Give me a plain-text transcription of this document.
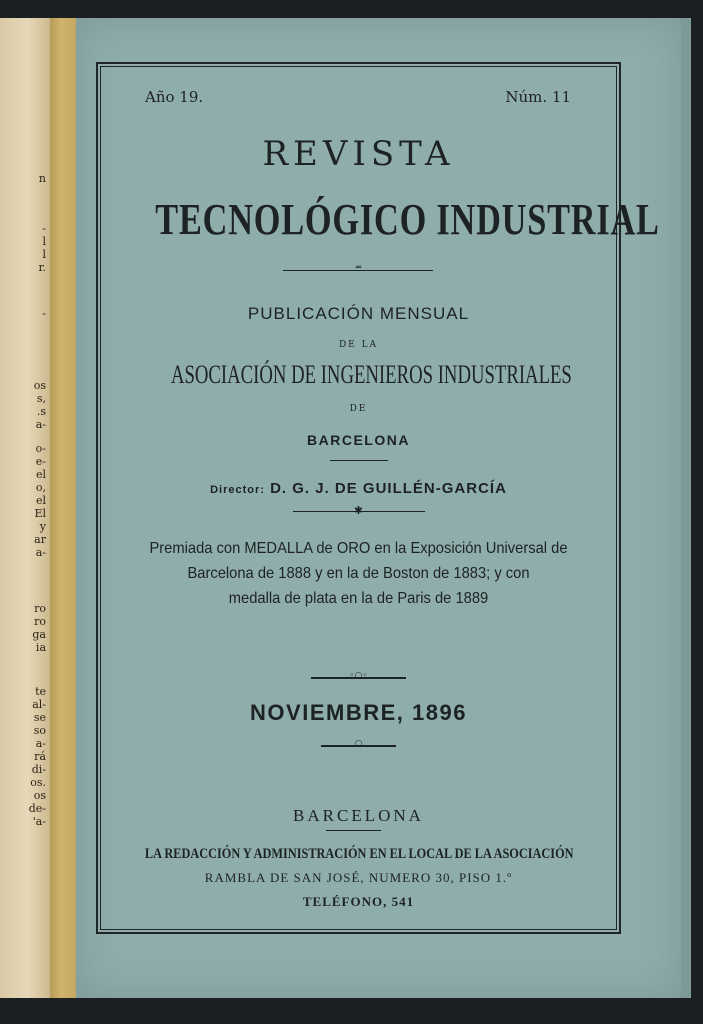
n
-
l
l
r.
-
os
s,
.s
a-
o-
e-
el
o,
el
El
y
ar
a-
ro
ro
ga
ia
te
al-
se
so
a-
rá
di-
os.
os
de-
'a-
Año 19.	Núm. 11
REVISTA
TECNOLÓGICO INDUSTRIAL
═
PUBLICACIÓN MENSUAL
DE LA
ASOCIACIÓN DE INGENIEROS INDUSTRIALES
DE
BARCELONA
Director: D. G. J. DE GUILLÉN-GARCÍA
✱
Premiada con MEDALLA de ORO en la Exposición Universal de
Barcelona de 1888 y en la de Boston de 1883; y con
medalla de plata en la de Paris de 1889
◦○◦
NOVIEMBRE, 1896
○
BARCELONA
LA REDACCIÓN Y ADMINISTRACIÓN EN EL LOCAL DE LA ASOCIACIÓN
RAMBLA DE SAN JOSÉ, NUMERO 30, PISO 1.º
TELÉFONO, 541
